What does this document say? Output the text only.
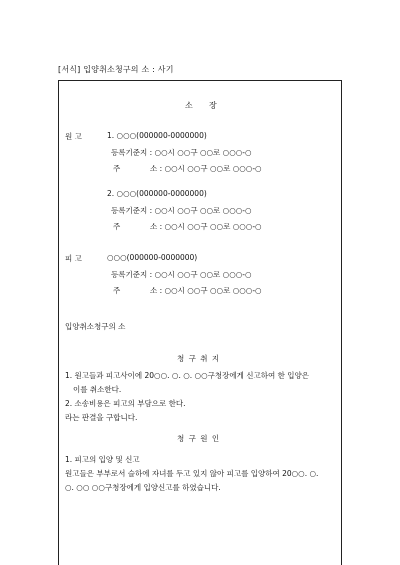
[서식] 입양취소청구의 소 : 사기
소 장
원 고	1. ○○○(000000-0000000)
등록기준지 : ○○시 ○○구 ○○로 ○○○-○
주	소 : ○○시 ○○구 ○○로 ○○○-○
2. ○○○(000000-0000000)
등록기준지 : ○○시 ○○구 ○○로 ○○○-○
주	소 : ○○시 ○○구 ○○로 ○○○-○
피 고	○○○(000000-0000000)
등록기준지 : ○○시 ○○구 ○○로 ○○○-○
주	소 : ○○시 ○○구 ○○로 ○○○-○
입양취소청구의 소
청 구 취 지
1. 원고들과 피고사이에 20○○. ○. ○. ○○구청장에게 신고하여 한 입양은
이를 취소한다.
2. 소송비용은 피고의 부담으로 한다.
라는 판결을 구합니다.
청 구 원 인
1. 피고의 입양 및 신고
원고들은 부부로서 슬하에 자녀를 두고 있지 않아 피고를 입양하여 20○○. ○.
○. ○○ ○○구청장에게 입양신고를 하였습니다.
